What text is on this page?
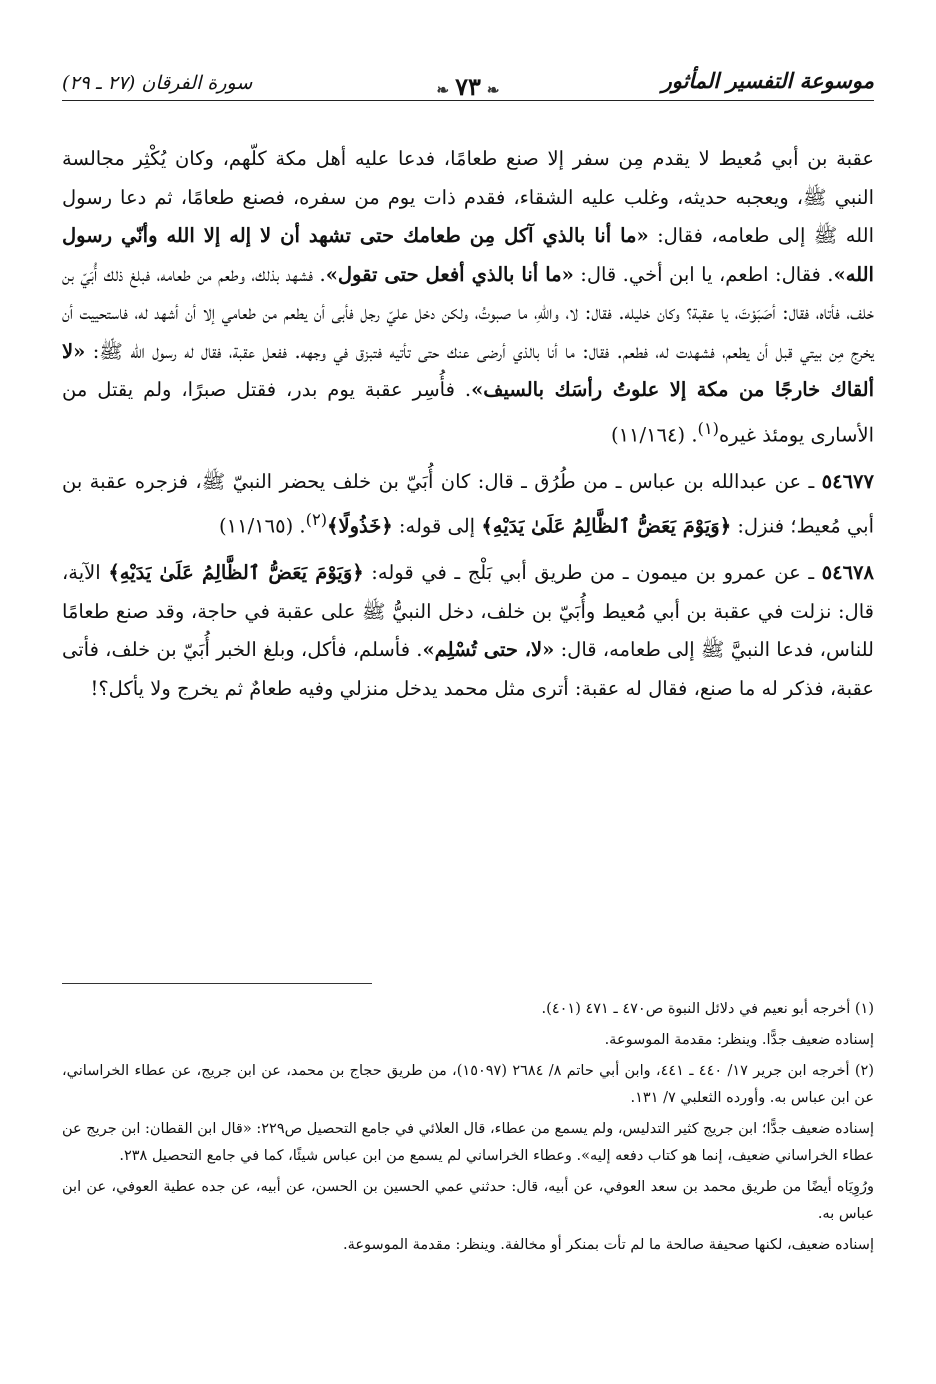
موسوعة التفسير المأثور
❧٧٣❧
سورة الفرقان (٢٧ ـ ٢٩)

عقبة بن أبي مُعيط لا يقدم مِن سفر إلا صنع طعامًا، فدعا عليه أهل مكة كلّهم، وكان يُكْثِر مجالسة النبي ﷺ، ويعجبه حديثه، وغلب عليه الشقاء، فقدم ذات يوم من سفره، فصنع طعامًا، ثم دعا رسول الله ﷺ إلى طعامه، فقال: «ما أنا بالذي آكل مِن طعامك حتى تشهد أن لا إله إلا الله وأنّي رسول الله». فقال: اطعم، يا ابن أخي. قال: «ما أنا بالذي أفعل حتى تقول». فشهد بذلك، وطعم من طعامه، فبلغ ذلك أُبَيّ بن خلف، فأتاه، فقال: أصَبَوْتَ، يا عقبة؟ وكان خليله. فقال: لا، واللهِ، ما صبوتُ، ولكن دخل عليّ رجل فأبى أن يطعم من طعامي إلا أن أشهد له، فاستحييت أن يخرج مِن بيتي قبل أن يطعم، فشهدت له، فطعم. فقال: ما أنا بالذي أرضى عنك حتى تأتيه فتبزق في وجهه. ففعل عقبة، فقال له رسول الله ﷺ: «لا ألقاك خارجًا من مكة إلا علوتُ رأسَك بالسيف». فأُسِر عقبة يوم بدر، فقتل صبرًا، ولم يقتل من الأسارى يومئذ غيره$^{(١)}$. (١١/١٦٤)

٥٤٦٧٧ ـ عن عبدالله بن عباس ـ من طُرُق ـ قال: كان أُبَيّ بن خلف يحضر النبيّ ﷺ، فزجره عقبة بن أبي مُعيط؛ فنزل: ﴿وَيَوْمَ يَعَضُّ ٱلظَّالِمُ عَلَىٰ يَدَيْهِ﴾ إلى قوله: ﴿خَذُولًا﴾$^{(٢)}$. (١١/١٦٥)

٥٤٦٧٨ ـ عن عمرو بن ميمون ـ من طريق أبي بَلْج ـ في قوله: ﴿وَيَوْمَ يَعَضُّ ٱلظَّالِمُ عَلَىٰ يَدَيْهِ﴾ الآية، قال: نزلت في عقبة بن أبي مُعيط وأُبَيّ بن خلف، دخل النبيُّ ﷺ على عقبة في حاجة، وقد صنع طعامًا للناس، فدعا النبيَّ ﷺ إلى طعامه، قال: «لا، حتى تُسْلِم». فأسلم، فأكل، وبلغ الخبر أُبَيّ بن خلف، فأتى عقبة، فذكر له ما صنع، فقال له عقبة: أترى مثل محمد يدخل منزلي وفيه طعامٌ ثم يخرج ولا يأكل؟!

(١) أخرجه أبو نعيم في دلائل النبوة ص٤٧٠ ـ ٤٧١ (٤٠١).

إسناده ضعيف جدًّا. وينظر: مقدمة الموسوعة.

(٢) أخرجه ابن جرير ١٧/ ٤٤٠ ـ ٤٤١، وابن أبي حاتم ٨/ ٢٦٨٤ (١٥٠٩٧)، من طريق حجاج بن محمد، عن ابن جريج، عن عطاء الخراساني، عن ابن عباس به. وأورده الثعلبي ٧/ ١٣١.

إسناده ضعيف جدًّا؛ ابن جريج كثير التدليس، ولم يسمع من عطاء، قال العلائي في جامع التحصيل ص٢٢٩: «قال ابن القطان: ابن جريج عن عطاء الخراساني ضعيف، إنما هو كتاب دفعه إليه». وعطاء الخراساني لم يسمع من ابن عباس شيئًا، كما في جامع التحصيل ٢٣٨.

ورُوِيَاه أيضًا من طريق محمد بن سعد العوفي، عن أبيه، قال: حدثني عمي الحسين بن الحسن، عن أبيه، عن جده عطية العوفي، عن ابن عباس به.

إسناده ضعيف، لكنها صحيفة صالحة ما لم تأت بمنكر أو مخالفة. وينظر: مقدمة الموسوعة.
